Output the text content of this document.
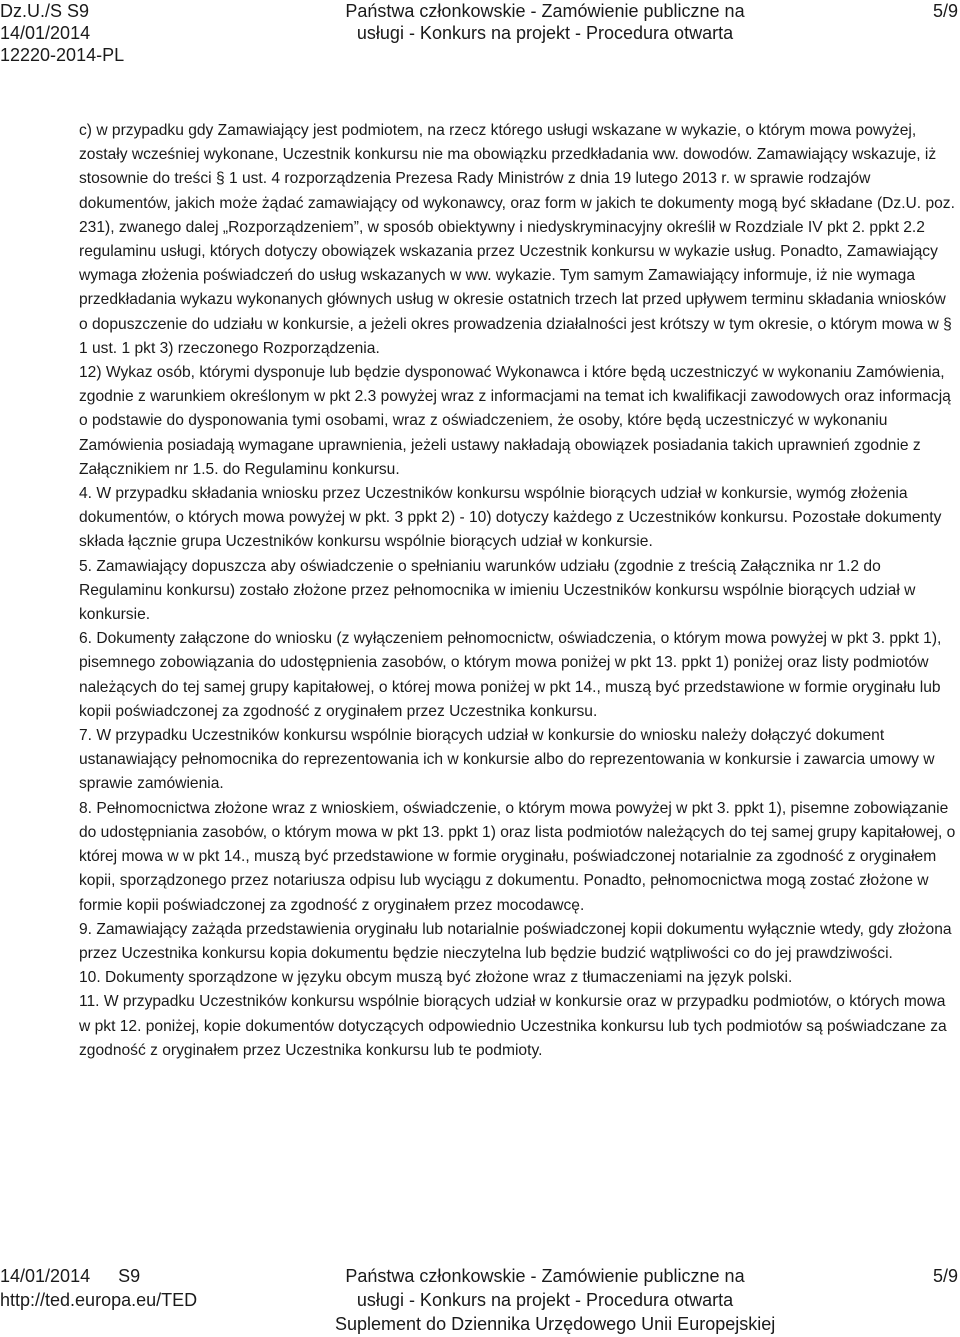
Dz.U./S S9
14/01/2014
12220-2014-PL
Państwa członkowskie - Zamówienie publiczne na
usługi - Konkurs na projekt - Procedura otwarta
5/9

c) w przypadku gdy Zamawiający jest podmiotem, na rzecz którego usługi wskazane w wykazie, o którym mowa powyżej, zostały wcześniej wykonane, Uczestnik konkursu nie ma obowiązku przedkładania ww. dowodów. Zamawiający wskazuje, iż stosownie do treści § 1 ust. 4 rozporządzenia Prezesa Rady Ministrów z dnia 19 lutego 2013 r. w sprawie rodzajów dokumentów, jakich może żądać zamawiający od wykonawcy, oraz form w jakich te dokumenty mogą być składane (Dz.U. poz. 231), zwanego dalej „Rozporządzeniem”, w sposób obiektywny i niedyskryminacyjny określił w Rozdziale IV pkt 2. ppkt 2.2 regulaminu usługi, których dotyczy obowiązek wskazania przez Uczestnik konkursu w wykazie usług. Ponadto, Zamawiający wymaga złożenia poświadczeń do usług wskazanych w ww. wykazie. Tym samym Zamawiający informuje, iż nie wymaga przedkładania wykazu wykonanych głównych usług w okresie ostatnich trzech lat przed upływem terminu składania wniosków o dopuszczenie do udziału w konkursie, a jeżeli okres prowadzenia działalności jest krótszy w tym okresie, o którym mowa w § 1 ust. 1 pkt 3) rzeczonego Rozporządzenia.

12) Wykaz osób, którymi dysponuje lub będzie dysponować Wykonawca i które będą uczestniczyć w wykonaniu Zamówienia, zgodnie z warunkiem określonym w pkt 2.3 powyżej wraz z informacjami na temat ich kwalifikacji zawodowych oraz informacją o podstawie do dysponowania tymi osobami, wraz z oświadczeniem, że osoby, które będą uczestniczyć w wykonaniu Zamówienia posiadają wymagane uprawnienia, jeżeli ustawy nakładają obowiązek posiadania takich uprawnień zgodnie z Załącznikiem nr 1.5. do Regulaminu konkursu.

4. W przypadku składania wniosku przez Uczestników konkursu wspólnie biorących udział w konkursie, wymóg złożenia dokumentów, o których mowa powyżej w pkt. 3 ppkt 2) - 10) dotyczy każdego z Uczestników konkursu. Pozostałe dokumenty składa łącznie grupa Uczestników konkursu wspólnie biorących udział w konkursie.

5. Zamawiający dopuszcza aby oświadczenie o spełnianiu warunków udziału (zgodnie z treścią Załącznika nr 1.2 do Regulaminu konkursu) zostało złożone przez pełnomocnika w imieniu Uczestników konkursu wspólnie biorących udział w konkursie.

6. Dokumenty załączone do wniosku (z wyłączeniem pełnomocnictw, oświadczenia, o którym mowa powyżej w pkt 3. ppkt 1), pisemnego zobowiązania do udostępnienia zasobów, o którym mowa poniżej w pkt 13. ppkt 1) poniżej oraz listy podmiotów należących do tej samej grupy kapitałowej, o której mowa poniżej w pkt 14., muszą być przedstawione w formie oryginału lub kopii poświadczonej za zgodność z oryginałem przez Uczestnika konkursu.

7. W przypadku Uczestników konkursu wspólnie biorących udział w konkursie do wniosku należy dołączyć dokument ustanawiający pełnomocnika do reprezentowania ich w konkursie albo do reprezentowania w konkursie i zawarcia umowy w sprawie zamówienia.

8. Pełnomocnictwa złożone wraz z wnioskiem, oświadczenie, o którym mowa powyżej w pkt 3. ppkt 1), pisemne zobowiązanie do udostępniania zasobów, o którym mowa w pkt 13. ppkt 1) oraz lista podmiotów należących do tej samej grupy kapitałowej, o której mowa w w pkt 14., muszą być przedstawione w formie oryginału, poświadczonej notarialnie za zgodność z oryginałem kopii, sporządzonego przez notariusza odpisu lub wyciągu z dokumentu. Ponadto, pełnomocnictwa mogą zostać złożone w formie kopii poświadczonej za zgodność z oryginałem przez mocodawcę.

9. Zamawiający zażąda przedstawienia oryginału lub notarialnie poświadczonej kopii dokumentu wyłącznie wtedy, gdy złożona przez Uczestnika konkursu kopia dokumentu będzie nieczytelna lub będzie budzić wątpliwości co do jej prawdziwości.

10. Dokumenty sporządzone w języku obcym muszą być złożone wraz z tłumaczeniami na język polski.

11. W przypadku Uczestników konkursu wspólnie biorących udział w konkursie oraz w przypadku podmiotów, o których mowa w pkt 12. poniżej, kopie dokumentów dotyczących odpowiednio Uczestnika konkursu lub tych podmiotów są poświadczane za zgodność z oryginałem przez Uczestnika konkursu lub te podmioty.

14/01/2014 S9
http://ted.europa.eu/TED
Państwa członkowskie - Zamówienie publiczne na
usługi - Konkurs na projekt - Procedura otwarta
Suplement do Dziennika Urzędowego Unii Europejskiej
5/9
